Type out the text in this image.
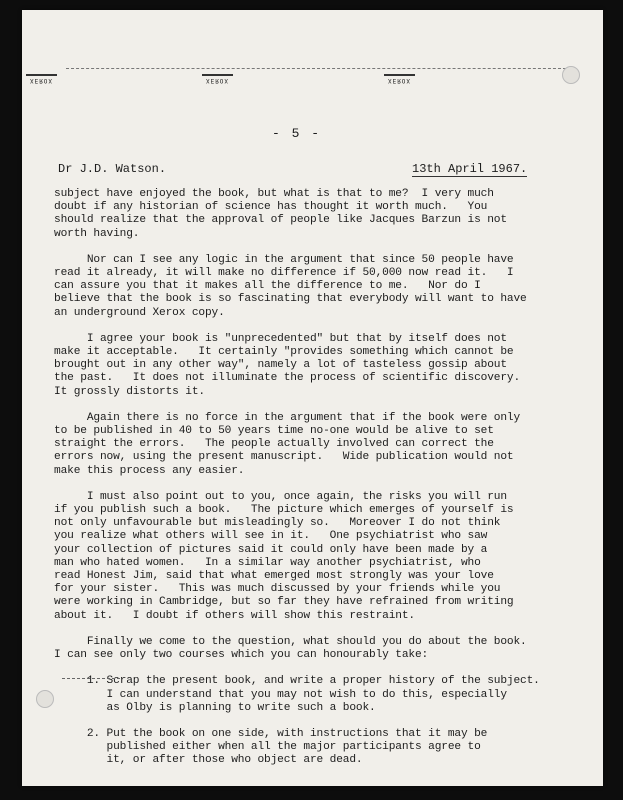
XEROX	XEROX	XEROX
- 5 -
Dr J.D. Watson.	13th April 1967.

subject have enjoyed the book, but what is that to me?  I very much
doubt if any historian of science has thought it worth much.   You
should realize that the approval of people like Jacques Barzun is not
worth having.

Nor can I see any logic in the argument that since 50 people have
read it already, it will make no difference if 50,000 now read it.   I
can assure you that it makes all the difference to me.   Nor do I
believe that the book is so fascinating that everybody will want to have
an underground Xerox copy.

I agree your book is "unprecedented" but that by itself does not
make it acceptable.   It certainly "provides something which cannot be
brought out in any other way", namely a lot of tasteless gossip about
the past.   It does not illuminate the process of scientific discovery.
It grossly distorts it.

Again there is no force in the argument that if the book were only
to be published in 40 to 50 years time no-one would be alive to set
straight the errors.   The people actually involved can correct the
errors now, using the present manuscript.   Wide publication would not
make this process any easier.

I must also point out to you, once again, the risks you will run
if you publish such a book.   The picture which emerges of yourself is
not only unfavourable but misleadingly so.   Moreover I do not think
you realize what others will see in it.   One psychiatrist who saw
your collection of pictures said it could only have been made by a
man who hated women.   In a similar way another psychiatrist, who
read Honest Jim, said that what emerged most strongly was your love
for your sister.   This was much discussed by your friends while you
were working in Cambridge, but so far they have refrained from writing
about it.   I doubt if others will show this restraint.

Finally we come to the question, what should you do about the book.
I can see only two courses which you can honourably take:

1. Scrap the present book, and write a proper history of the subject.
I can understand that you may not wish to do this, especially
as Olby is planning to write such a book.

2. Put the book on one side, with instructions that it may be
published either when all the major participants agree to
it, or after those who object are dead.
